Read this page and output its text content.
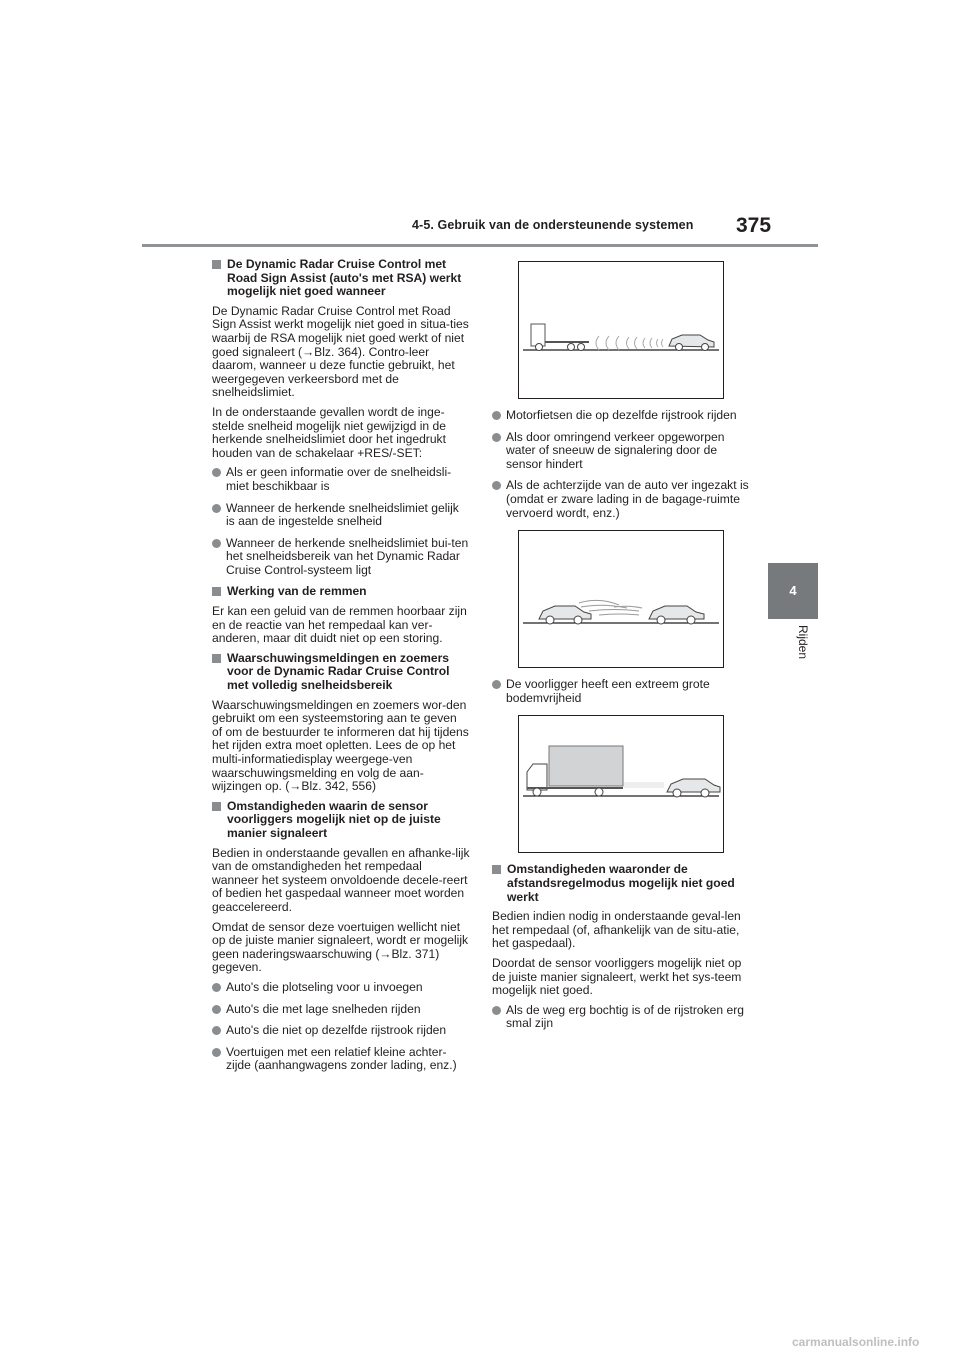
4-5. Gebruik van de ondersteunende systemen 375
4
Rijden
De Dynamic Radar Cruise Control met Road Sign Assist (auto's met RSA) werkt mogelijk niet goed wanneer

De Dynamic Radar Cruise Control met Road Sign Assist werkt mogelijk niet goed in situa-ties waarbij de RSA mogelijk niet goed werkt of niet goed signaleert (→Blz. 364). Contro-leer daarom, wanneer u deze functie gebruikt, het weergegeven verkeersbord met de snelheidslimiet.

In de onderstaande gevallen wordt de inge-stelde snelheid mogelijk niet gewijzigd in de herkende snelheidslimiet door het ingedrukt houden van de schakelaar +RES/-SET:

Als er geen informatie over de snelheidsli-miet beschikbaar is
Wanneer de herkende snelheidslimiet gelijk is aan de ingestelde snelheid
Wanneer de herkende snelheidslimiet bui-ten het snelheidsbereik van het Dynamic Radar Cruise Control-systeem ligt
Werking van de remmen

Er kan een geluid van de remmen hoorbaar zijn en de reactie van het rempedaal kan ver-anderen, maar dit duidt niet op een storing.

Waarschuwingsmeldingen en zoemers voor de Dynamic Radar Cruise Control met volledig snelheidsbereik

Waarschuwingsmeldingen en zoemers wor-den gebruikt om een systeemstoring aan te geven of om de bestuurder te informeren dat hij tijdens het rijden extra moet opletten. Lees de op het multi-informatiedisplay weergege-ven waarschuwingsmelding en volg de aan-wijzingen op. (→Blz. 342, 556)

Omstandigheden waarin de sensor voorliggers mogelijk niet op de juiste manier signaleert

Bedien in onderstaande gevallen en afhanke-lijk van de omstandigheden het rempedaal wanneer het systeem onvoldoende decele-reert of bedien het gaspedaal wanneer moet worden geaccelereerd.

Omdat de sensor deze voertuigen wellicht niet op de juiste manier signaleert, wordt er mogelijk geen naderingswaarschuwing (→Blz. 371) gegeven.

Auto's die plotseling voor u invoegen
Auto's die met lage snelheden rijden
Auto's die niet op dezelfde rijstrook rijden
Voertuigen met een relatief kleine achter-zijde (aanhangwagens zonder lading, enz.)
Motorfietsen die op dezelfde rijstrook rijden
Als door omringend verkeer opgeworpen water of sneeuw de signalering door de sensor hindert
Als de achterzijde van de auto ver ingezakt is (omdat er zware lading in de bagage-ruimte vervoerd wordt, enz.)
De voorligger heeft een extreem grote bodemvrijheid
Omstandigheden waaronder de afstandsregelmodus mogelijk niet goed werkt

Bedien indien nodig in onderstaande geval-len het rempedaal (of, afhankelijk van de situ-atie, het gaspedaal).

Doordat de sensor voorliggers mogelijk niet op de juiste manier signaleert, werkt het sys-teem mogelijk niet goed.

Als de weg erg bochtig is of de rijstroken erg smal zijn
carmanualsonline.info
